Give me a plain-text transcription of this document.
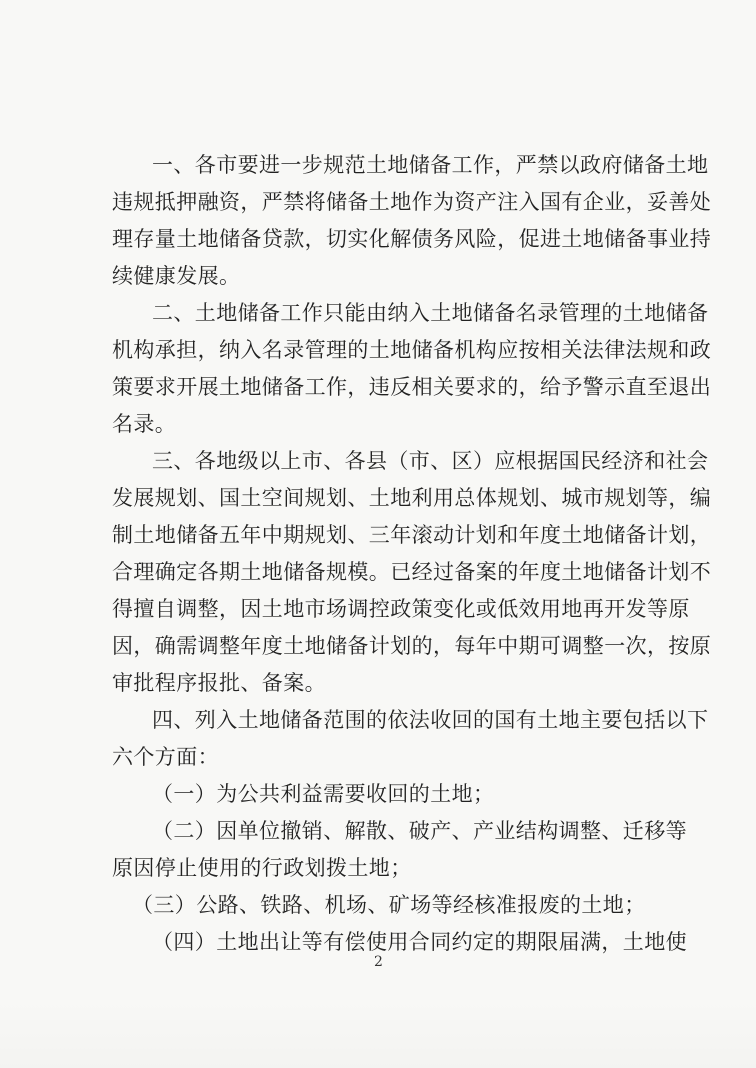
一、各市要进一步规范土地储备工作，严禁以政府储备土地
违规抵押融资，严禁将储备土地作为资产注入国有企业，妥善处
理存量土地储备贷款，切实化解债务风险，促进土地储备事业持
续健康发展。
二、土地储备工作只能由纳入土地储备名录管理的土地储备
机构承担，纳入名录管理的土地储备机构应按相关法律法规和政
策要求开展土地储备工作，违反相关要求的，给予警示直至退出
名录。
三、各地级以上市、各县（市、区）应根据国民经济和社会
发展规划、国土空间规划、土地利用总体规划、城市规划等，编
制土地储备五年中期规划、三年滚动计划和年度土地储备计划，
合理确定各期土地储备规模。已经过备案的年度土地储备计划不
得擅自调整，因土地市场调控政策变化或低效用地再开发等原
因，确需调整年度土地储备计划的，每年中期可调整一次，按原
审批程序报批、备案。
四、列入土地储备范围的依法收回的国有土地主要包括以下
六个方面：
（一）为公共利益需要收回的土地；
（二）因单位撤销、解散、破产、产业结构调整、迁移等
原因停止使用的行政划拨土地；
（三）公路、铁路、机场、矿场等经核准报废的土地；
（四）土地出让等有偿使用合同约定的期限届满，土地使
2
